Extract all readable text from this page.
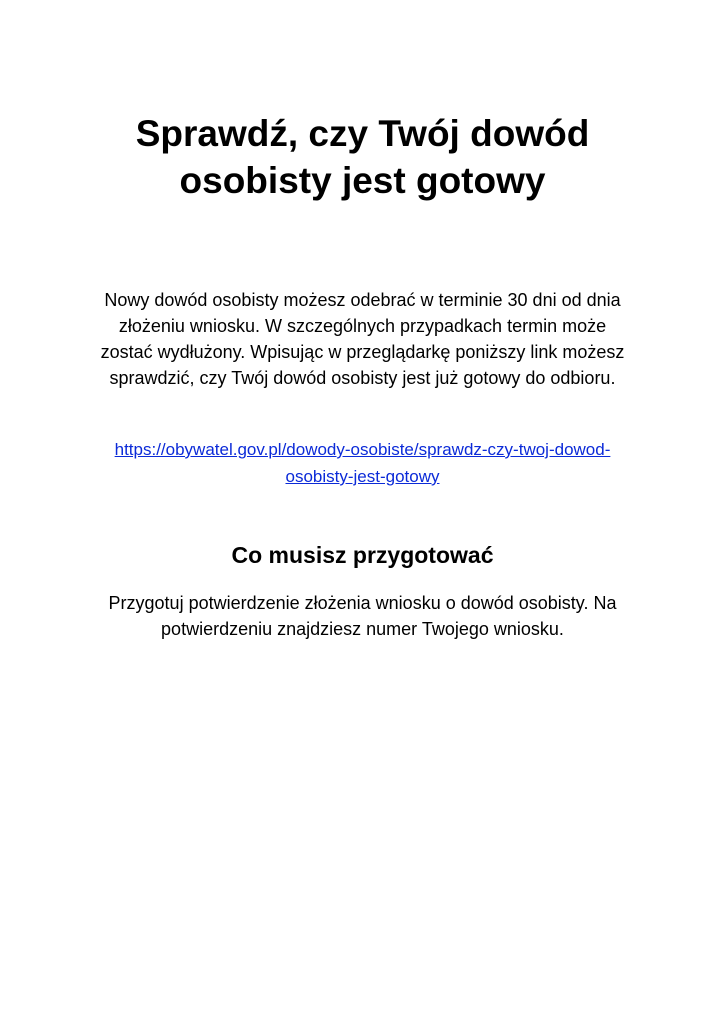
Sprawdź, czy Twój dowód
osobisty jest gotowy

Nowy dowód osobisty możesz odebrać w terminie 30 dni od dnia
złożeniu wniosku. W szczególnych przypadkach termin może
zostać wydłużony. Wpisując w przeglądarkę poniższy link możesz
sprawdzić, czy Twój dowód osobisty jest już gotowy do odbioru.

https://obywatel.gov.pl/dowody-osobiste/sprawdz-czy-twoj-dowod-
osobisty-jest-gotowy

Co musisz przygotować

Przygotuj potwierdzenie złożenia wniosku o dowód osobisty. Na
potwierdzeniu znajdziesz numer Twojego wniosku.
